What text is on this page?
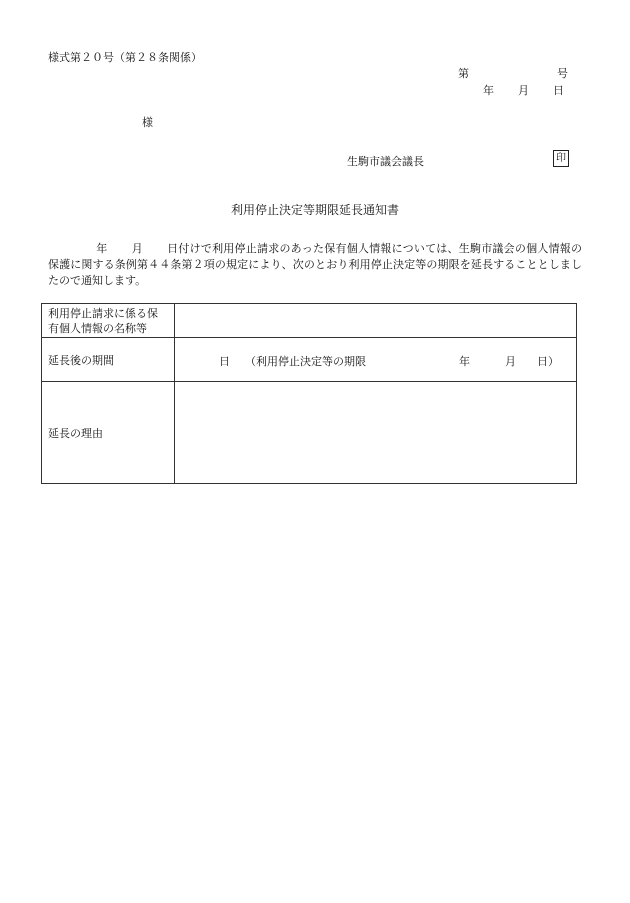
様式第２０号（第２８条関係）
第	号
年 月 日
様
生駒市議会議長	印
利用停止決定等期限延長通知書
年 月 日付けで利用停止請求のあった保有個人情報については、生駒市議会の個人情報の保護に関する条例第４４条第２項の規定により、次のとおり利用停止決定等の期限を延長することとしましたので通知します。
利用停止請求に係る保有個人情報の名称等	
延長後の期間	日 （利用停止決定等の期限 年 月 日）

延長の理由	
